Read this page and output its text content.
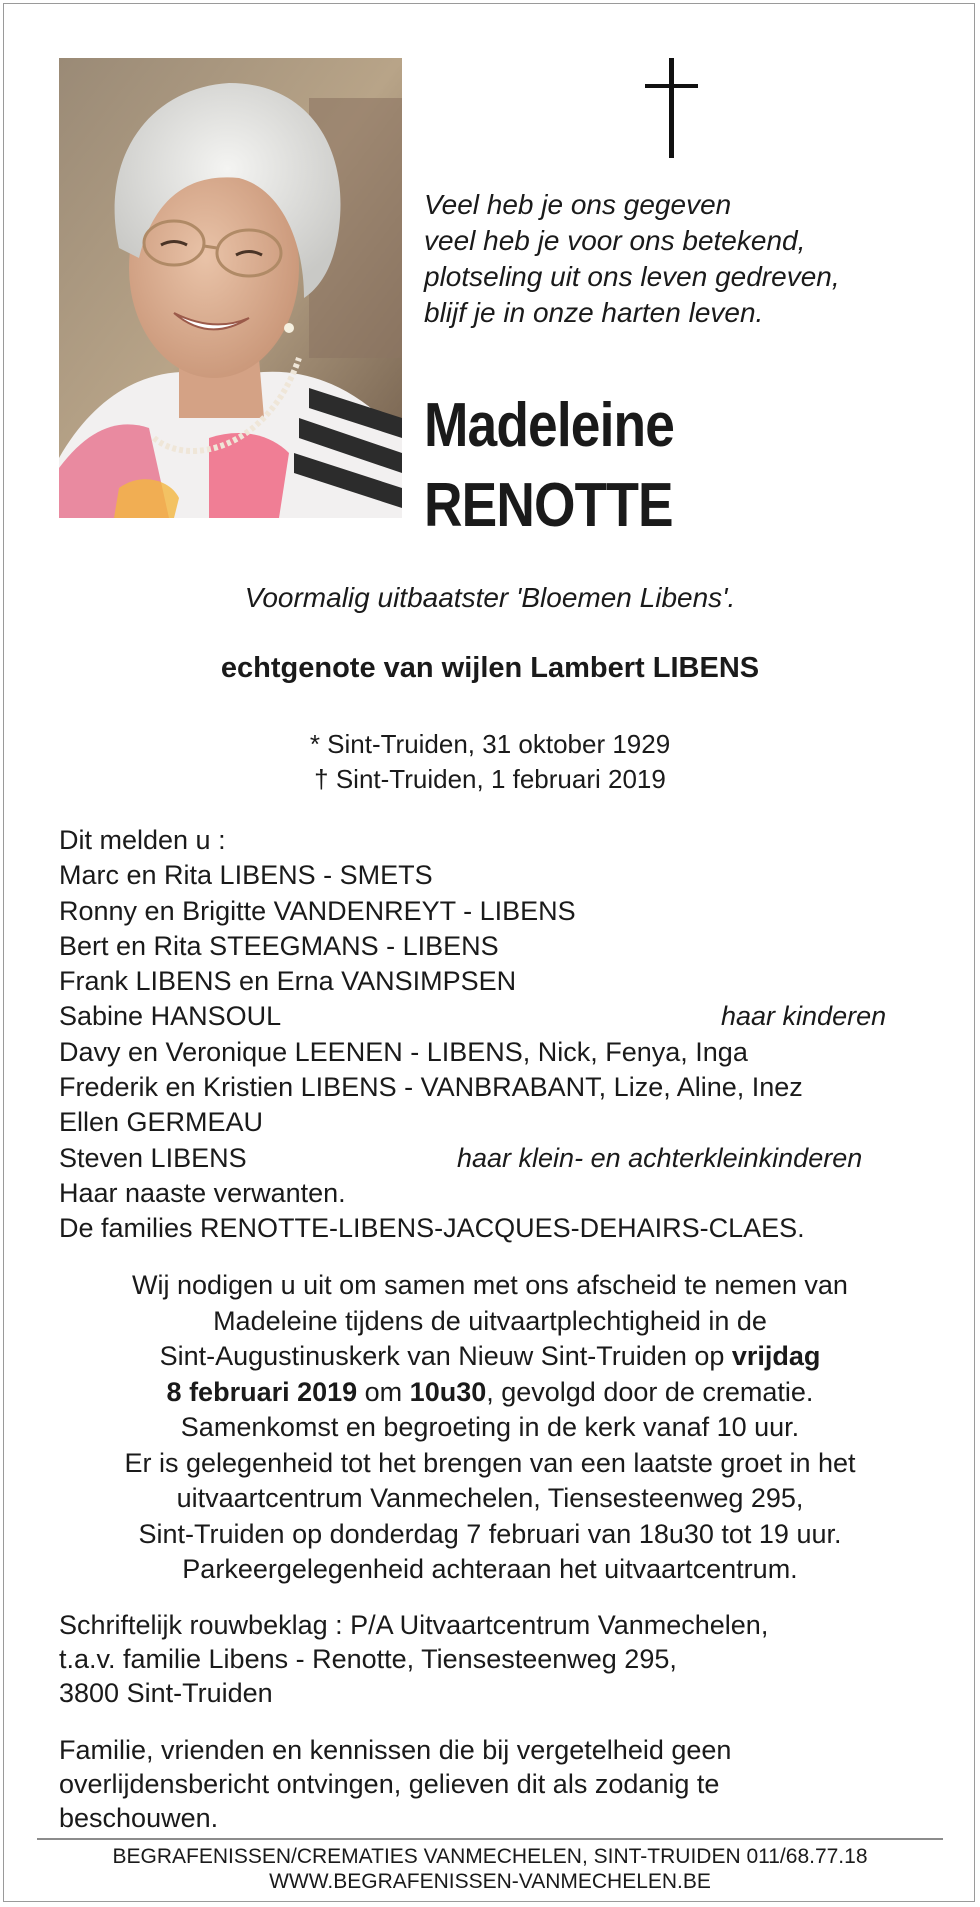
Veel heb je ons gegeven
veel heb je voor ons betekend,
plotseling uit ons leven gedreven,
blijf je in onze harten leven.
Madeleine
RENOTTE
Voormalig uitbaatster 'Bloemen Libens'.
echtgenote van wijlen Lambert LIBENS
* Sint-Truiden, 31 oktober 1929
† Sint-Truiden, 1 februari 2019
Dit melden u :
Marc en Rita LIBENS - SMETS
Ronny en Brigitte VANDENREYT - LIBENS
Bert en Rita STEEGMANS - LIBENS
Frank LIBENS en Erna VANSIMPSEN
Sabine HANSOUL	haar kinderen
Davy en Veronique LEENEN - LIBENS, Nick, Fenya, Inga
Frederik en Kristien LIBENS - VANBRABANT, Lize, Aline, Inez
Ellen GERMEAU
Steven LIBENS	haar klein- en achterkleinkinderen
Haar naaste verwanten.
De families RENOTTE-LIBENS-JACQUES-DEHAIRS-CLAES.
Wij nodigen u uit om samen met ons afscheid te nemen van
Madeleine tijdens de uitvaartplechtigheid in de
Sint-Augustinuskerk van Nieuw Sint-Truiden op vrijdag
8 februari 2019 om 10u30, gevolgd door de crematie.
Samenkomst en begroeting in de kerk vanaf 10 uur.
Er is gelegenheid tot het brengen van een laatste groet in het
uitvaartcentrum Vanmechelen, Tiensesteenweg 295,
Sint-Truiden op donderdag 7 februari van 18u30 tot 19 uur.
Parkeergelegenheid achteraan het uitvaartcentrum.
Schriftelijk rouwbeklag : P/A Uitvaartcentrum Vanmechelen,
t.a.v. familie Libens - Renotte, Tiensesteenweg 295,
3800 Sint-Truiden
Familie, vrienden en kennissen die bij vergetelheid geen
overlijdensbericht ontvingen, gelieven dit als zodanig te
beschouwen.
BEGRAFENISSEN/CREMATIES VANMECHELEN, SINT-TRUIDEN 011/68.77.18
WWW.BEGRAFENISSEN-VANMECHELEN.BE
